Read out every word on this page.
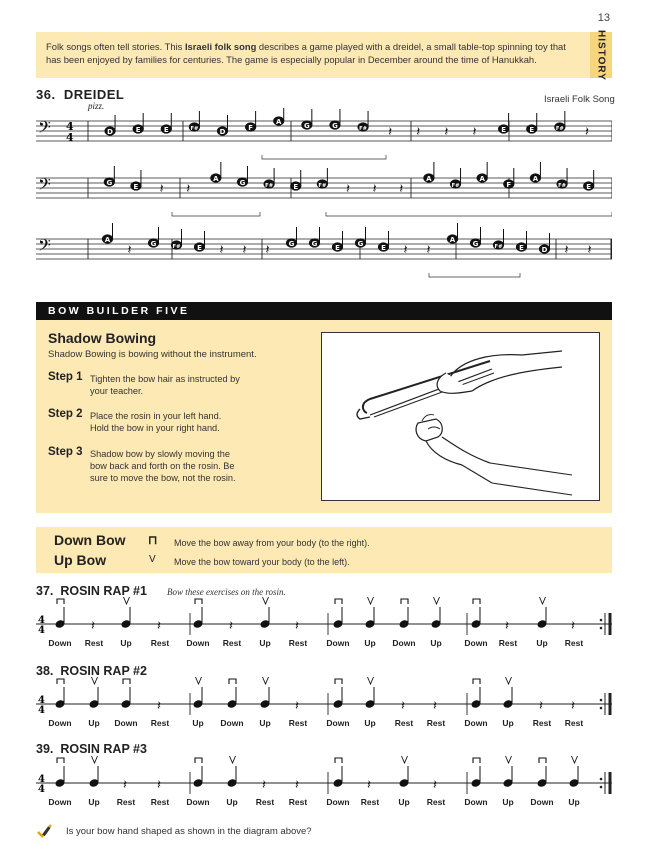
13
Folk songs often tell stories. This Israeli folk song describes a game played with a dreidel, a small table-top spinning toy that has been enjoyed by families for centuries. The game is especially popular in December around the time of Hanukkah.	HISTORY
36. DREIDEL	Israeli Folk Song
pizz.
𝄢 4
4	D	E	E	F#	D	F
A	G	G	F# 𝄽 𝄽 𝄽 𝄽	E	E	F# 𝄽
𝄢	G	E 𝄽 𝄽
A	G	F#	E	F# 𝄽 𝄽 𝄽
A
F#
A
F
A
F#	E
𝄢	A
𝄽	G	F# E 𝄽 𝄽 𝄽	G G	E	G	E 𝄽 𝄽
A G	F# E	D 𝄽 𝄽
BOW BUILDER FIVE
Shadow Bowing
Shadow Bowing is bowing without the instrument.
Step 1 Tighten the bow hair as instructed by
your teacher.
Step 2 Place the rosin in your left hand.
Hold the bow in your right hand.
Step 3 Shadow bow by slowly moving the
bow back and forth on the rosin. Be
sure to move the bow, not the rosin.
Down Bow ⊓ Move the bow away from your body (to the right).
Up Bow	V Move the bow toward your body (to the left).
37. ROSIN RAP #1 Bow these exercises on the rosin.
38. ROSIN RAP #2
39. ROSIN RAP #3
4
4
Down
𝄽
Rest Up
𝄽
Rest Down
𝄽
Rest Up
𝄽
Rest Down Up Down Up	Down
𝄽
Rest Up
𝄽
Rest
4
4
Down Up Down
𝄽
Rest	Up Down Up
𝄽
Rest Down Up
𝄽
Rest
𝄽
Rest Down Up
𝄽
Rest
𝄽
Rest
4
4
Down Up
𝄽
Rest
𝄽
Rest Down Up
𝄽
Rest
𝄽
Rest Down
𝄽
Rest Up
𝄽
Rest Down Up Down Up
Is your bow hand shaped as shown in the diagram above?
